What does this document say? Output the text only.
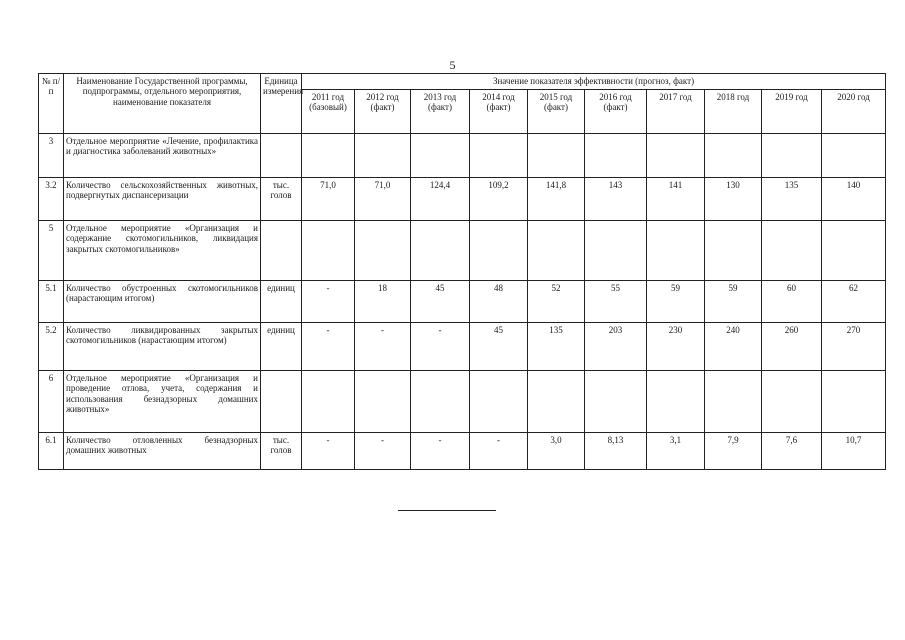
5
№ п/п	Наименование Государственной программы, подпрограммы, отдельного мероприятия, наименование показателя	Единица измерения	Значение показателя эффективности (прогноз, факт)									
			2011 год (базовый)	2012 год (факт)	2013 год (факт)	2014 год (факт)	2015 год (факт)	2016 год (факт)	2017 год	2018 год	2019 год	2020 год
3	Отдельное мероприятие «Лечение, профилактика и диагностика заболеваний животных»											
3.2	Количество сельскохозяйственных животных, подвергнутых диспансеризации	тыс. голов	71,0	71,0	124,4	109,2	141,8	143	141	130	135	140
5	Отдельное мероприятие «Организация и содержание скотомогильников, ликвидация закрытых скотомогильников»											
5.1	Количество обустроенных скотомогильников (нарастающим итогом)	единиц	-	18	45	48	52	55	59	59	60	62
5.2	Количество ликвидированных закрытых скотомогильников (нарастающим итогом)	единиц	-	-	-	45	135	203	230	240	260	270
6	Отдельное мероприятие «Организация и проведение отлова, учета, содержания и использования безнадзорных домашних животных»											
6.1	Количество отловленных безнадзорных домашних животных	тыс. голов	-	-	-	-	3,0	8,13	3,1	7,9	7,6	10,7
